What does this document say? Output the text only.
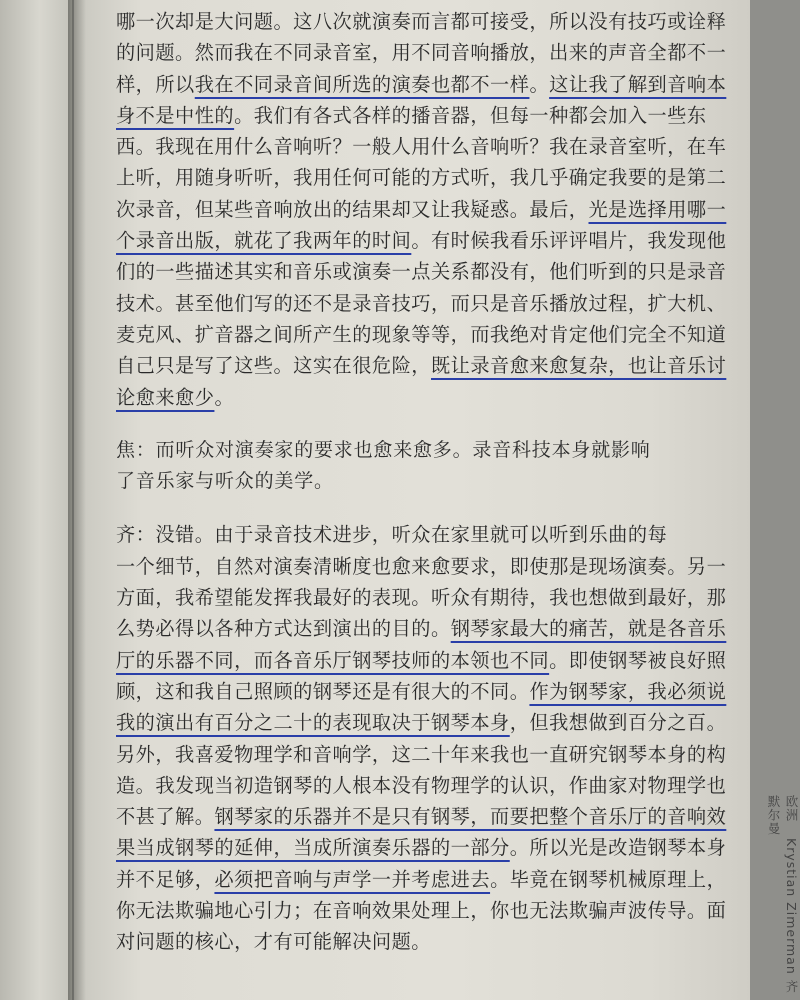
哪一次却是大问题。这八次就演奏而言都可接受，所以没有技巧或诠释
的问题。然而我在不同录音室，用不同音响播放，出来的声音全都不一
样，所以我在不同录音间所选的演奏也都不一样。这让我了解到音响本
身不是中性的。我们有各式各样的播音器，但每一种都会加入一些东
西。我现在用什么音响听？一般人用什么音响听？我在录音室听，在车
上听，用随身听听，我用任何可能的方式听，我几乎确定我要的是第二
次录音，但某些音响放出的结果却又让我疑惑。最后，光是选择用哪一
个录音出版，就花了我两年的时间。有时候我看乐评评唱片，我发现他
们的一些描述其实和音乐或演奏一点关系都没有，他们听到的只是录音
技术。甚至他们写的还不是录音技巧，而只是音乐播放过程，扩大机、
麦克风、扩音器之间所产生的现象等等，而我绝对肯定他们完全不知道
自己只是写了这些。这实在很危险，既让录音愈来愈复杂，也让音乐讨
论愈来愈少。
焦：而听众对演奏家的要求也愈来愈多。录音科技本身就影响
了音乐家与听众的美学。
齐：没错。由于录音技术进步，听众在家里就可以听到乐曲的每
一个细节，自然对演奏清晰度也愈来愈要求，即使那是现场演奏。另一
方面，我希望能发挥我最好的表现。听众有期待，我也想做到最好，那
么势必得以各种方式达到演出的目的。钢琴家最大的痛苦，就是各音乐
厅的乐器不同，而各音乐厅钢琴技师的本领也不同。即使钢琴被良好照
顾，这和我自己照顾的钢琴还是有很大的不同。作为钢琴家，我必须说
我的演出有百分之二十的表现取决于钢琴本身，但我想做到百分之百。
另外，我喜爱物理学和音响学，这二十年来我也一直研究钢琴本身的构
造。我发现当初造钢琴的人根本没有物理学的认识，作曲家对物理学也
不甚了解。钢琴家的乐器并不是只有钢琴，而要把整个音乐厅的音响效
果当成钢琴的延伸，当成所演奏乐器的一部分。所以光是改造钢琴本身
并不足够，必须把音响与声学一并考虑进去。毕竟在钢琴机械原理上，
你无法欺骗地心引力；在音响效果处理上，你也无法欺骗声波传导。面
对问题的核心，才有可能解决问题。
欧洲Krystian Zimerman 齐默尔曼
